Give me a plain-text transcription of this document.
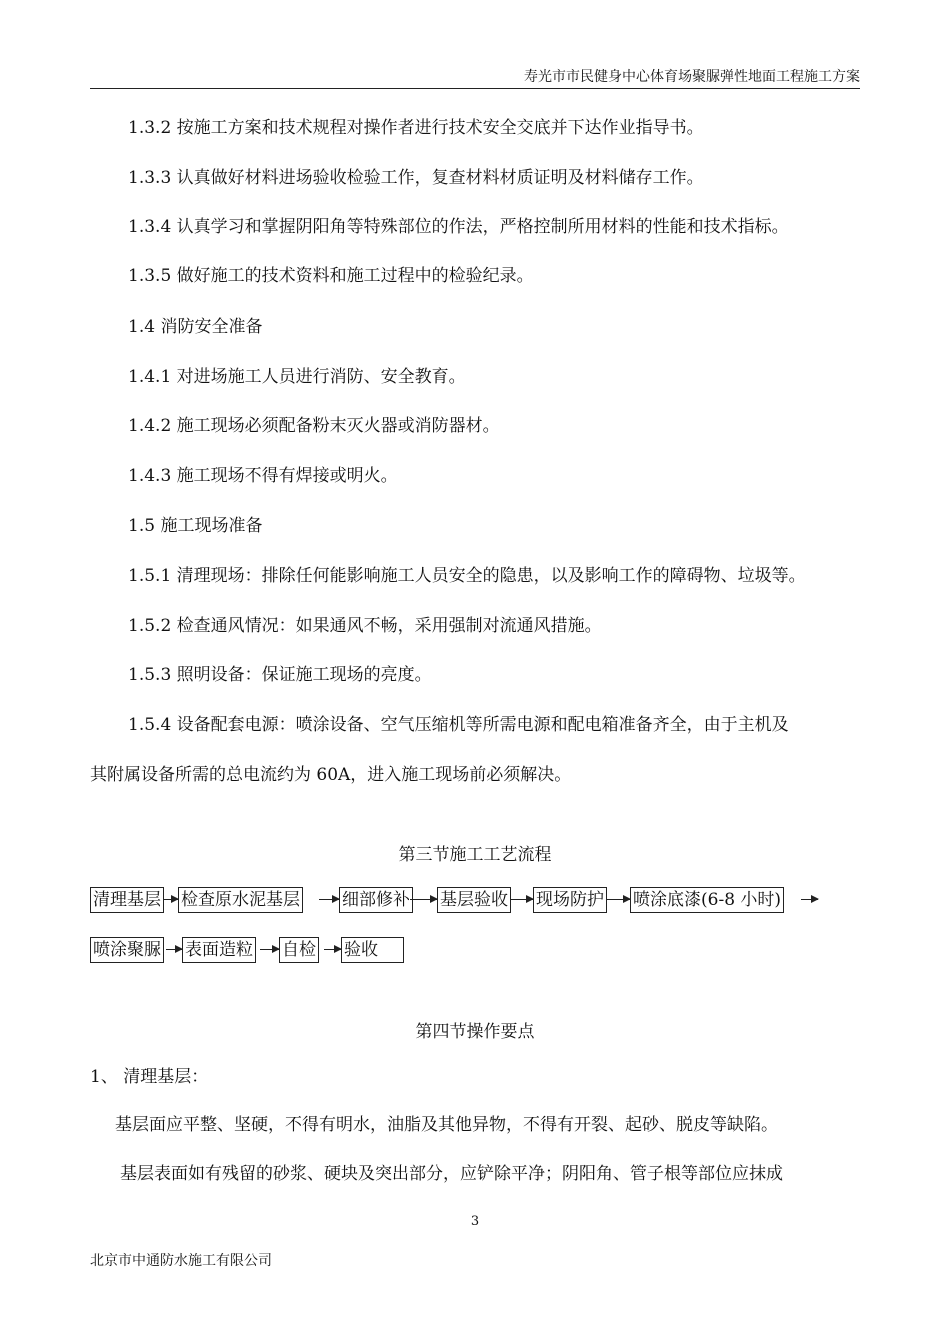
寿光市市民健身中心体育场聚脲弹性地面工程施工方案
1.3.2 按施工方案和技术规程对操作者进行技术安全交底并下达作业指导书。
1.3.3 认真做好材料进场验收检验工作，复查材料材质证明及材料储存工作。
1.3.4 认真学习和掌握阴阳角等特殊部位的作法，严格控制所用材料的性能和技术指标。
1.3.5 做好施工的技术资料和施工过程中的检验纪录。
1.4 消防安全准备
1.4.1 对进场施工人员进行消防、安全教育。
1.4.2 施工现场必须配备粉末灭火器或消防器材。
1.4.3 施工现场不得有焊接或明火。
1.5 施工现场准备
1.5.1 清理现场：排除任何能影响施工人员安全的隐患，以及影响工作的障碍物、垃圾等。
1.5.2 检查通风情况：如果通风不畅，采用强制对流通风措施。
1.5.3 照明设备：保证施工现场的亮度。
1.5.4 设备配套电源：喷涂设备、空气压缩机等所需电源和配电箱准备齐全，由于主机及
其附属设备所需的总电流约为 60A，进入施工现场前必须解决。
第三节施工工艺流程
清理基层 检查原水泥基层 细部修补 基层验收 现场防护 喷涂底漆(6-8 小时)
喷涂聚脲 表面造粒 自检 验收
第四节操作要点
1、 清理基层：
基层面应平整、坚硬，不得有明水，油脂及其他异物，不得有开裂、起砂、脱皮等缺陷。
基层表面如有残留的砂浆、硬块及突出部分，应铲除平净；阴阳角、管子根等部位应抹成
3
北京市中通防水施工有限公司
